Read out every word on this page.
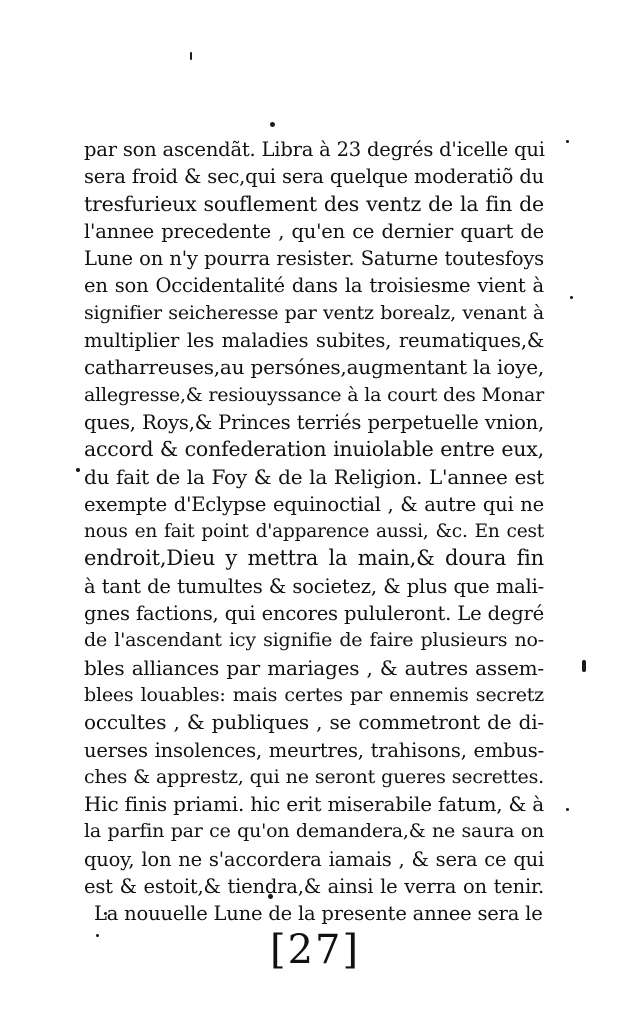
par son ascendãt. Libra à 23 degrés d'icelle qui
sera froid & sec,qui sera quelque moderatiõ du
tresfurieux souflement des ventz de la fin de
l'annee precedente , qu'en ce dernier quart de
Lune on n'y pourra resister. Saturne toutesfoys
en son Occidentalité dans la troisiesme vient à
signifier seicheresse par ventz borealz, venant à
multiplier les maladies subites, reumatiques,&
catharreuses,au persónes,augmentant la ioye,
allegresse,& resiouyssance à la court des Monar
ques, Roys,& Princes terriés perpetuelle vnion,
accord & confederation inuiolable entre eux,
du fait de la Foy & de la Religion. L'annee est
exempte d'Eclypse equinoctial , & autre qui ne
nous en fait point d'apparence aussi, &c. En cest
endroit,Dieu y mettra la main,& doura fin
à tant de tumultes & societez, & plus que mali-
gnes factions, qui encores pululeront. Le degré
de l'ascendant icy signifie de faire plusieurs no-
bles alliances par mariages , & autres assem-
blees louables: mais certes par ennemis secretz
occultes , & publiques , se commetront de di-
uerses insolences, meurtres, trahisons, embus-
ches & apprestz, qui ne seront gueres secrettes.
Hic finis priami. hic erit miserabile fatum, & à
la parfin par ce qu'on demandera,& ne saura on
quoy, lon ne s'accordera iamais , & sera ce qui
est & estoit,& tiendra,& ainsi le verra on tenir.
La nouuelle Lune de la presente annee sera le
[27]
